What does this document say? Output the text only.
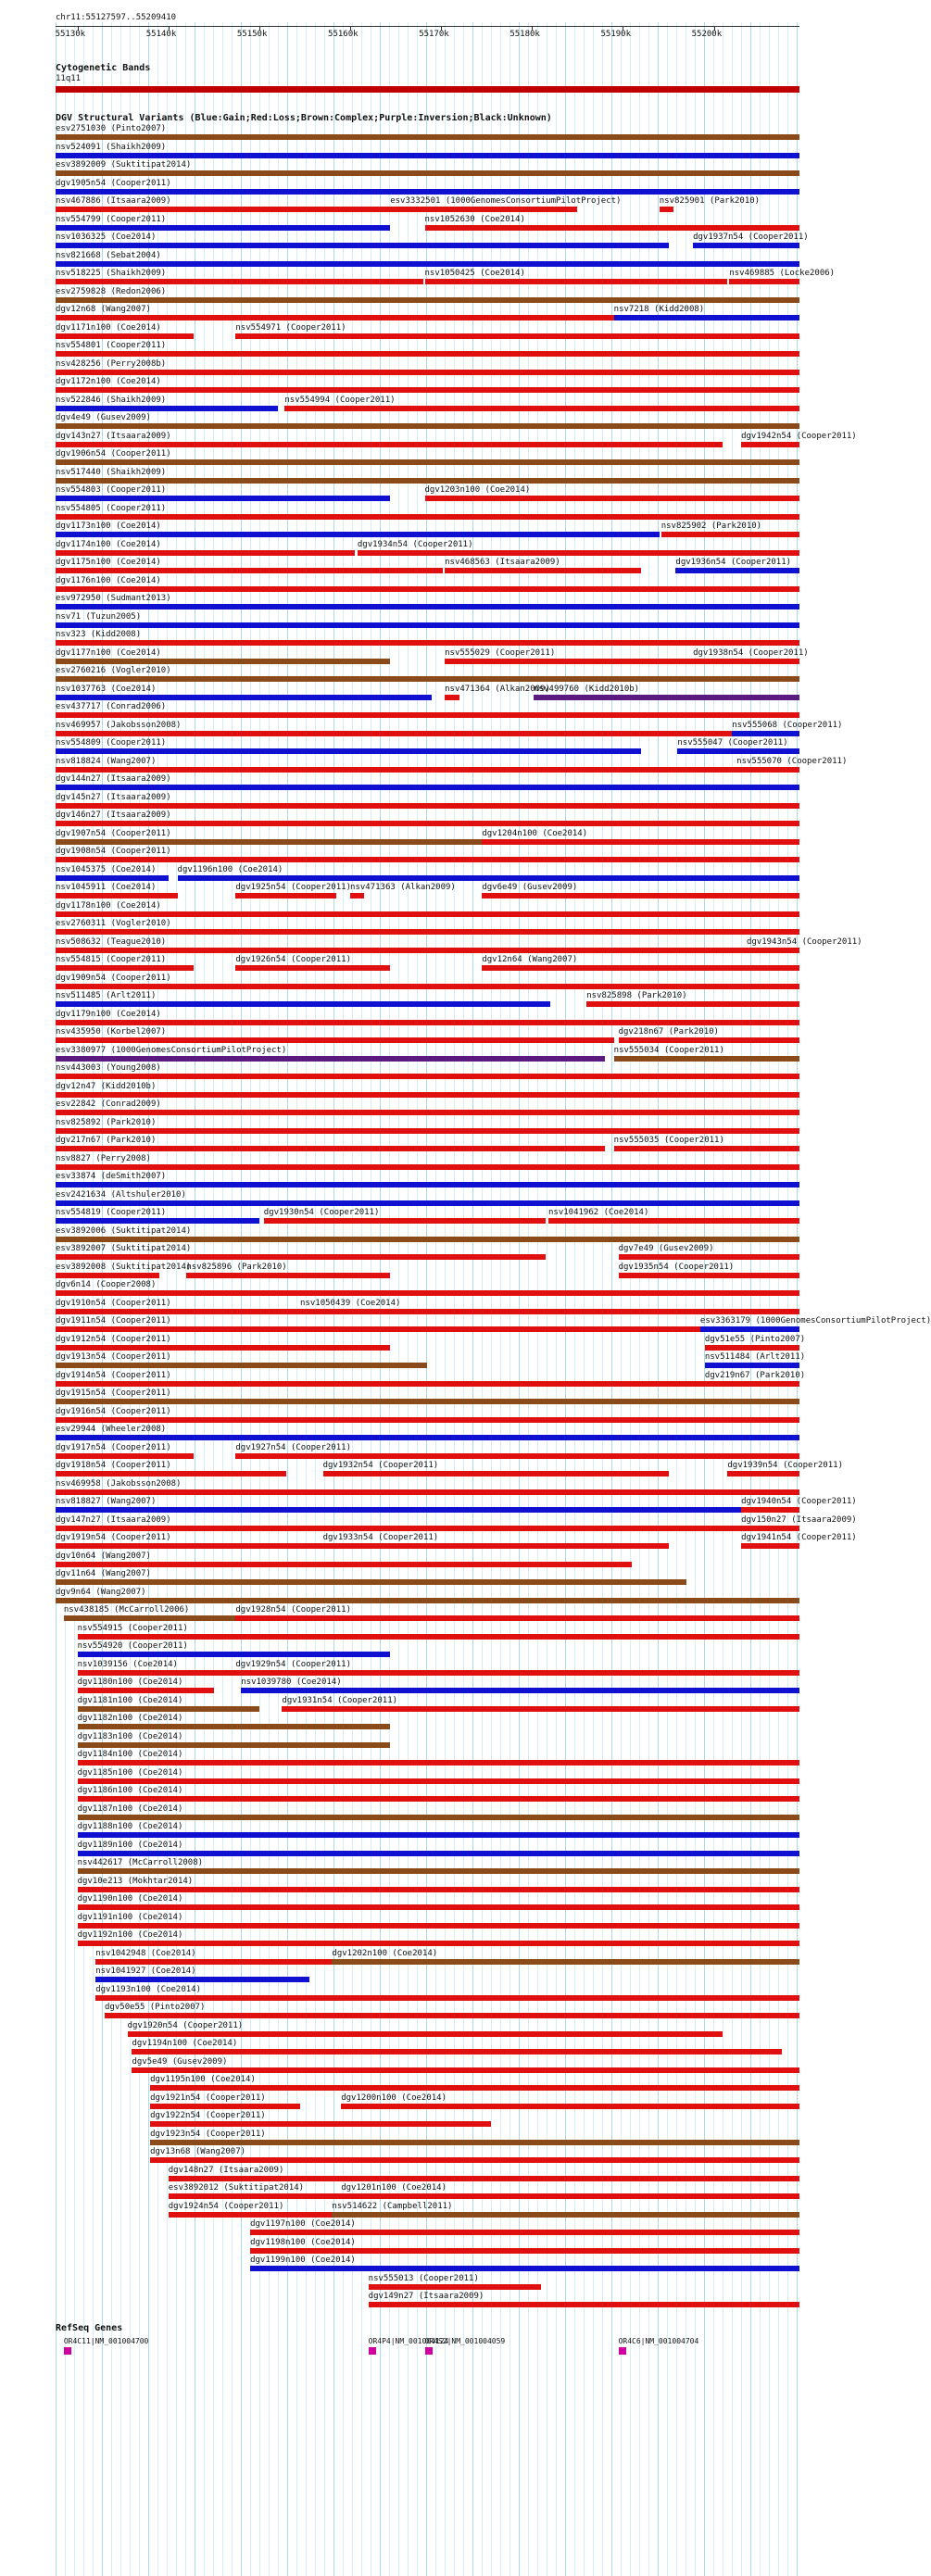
chr11:55127597..55209410
55130k	55140k	55150k	55160k	55170k	55180k	55190k	55200k
Cytogenetic Bands
11q11
DGV Structural Variants (Blue:Gain;Red:Loss;Brown:Complex;Purple:Inversion;Black:Unknown)
esv2751030 (Pinto2007)
nsv524091 (Shaikh2009)
esv3892009 (Suktitipat2014)
dgv1905n54 (Cooper2011)
nsv467886 (Itsaara2009)	esv3332501 (1000GenomesConsortiumPilotProject)	nsv825901 (Park2010)
nsv554799 (Cooper2011)	nsv1052630 (Coe2014)
nsv1036325 (Coe2014)	dgv1937n54 (Cooper2011)
nsv821668 (Sebat2004)
nsv518225 (Shaikh2009)	nsv1050425 (Coe2014)	nsv469885 (Locke2006)
esv2759828 (Redon2006)
dgv12n68 (Wang2007)	nsv7218 (Kidd2008)
dgv1171n100 (Coe2014)	nsv554971 (Cooper2011)
nsv554801 (Cooper2011)
nsv428256 (Perry2008b)
dgv1172n100 (Coe2014)
nsv522846 (Shaikh2009)	nsv554994 (Cooper2011)
dgv4e49 (Gusev2009)
dgv143n27 (Itsaara2009)	dgv1942n54 (Cooper2011)
dgv1906n54 (Cooper2011)
nsv517440 (Shaikh2009)
nsv554803 (Cooper2011)	dgv1203n100 (Coe2014)
nsv554805 (Cooper2011)
dgv1173n100 (Coe2014)	nsv825902 (Park2010)
dgv1174n100 (Coe2014)	dgv1934n54 (Cooper2011)
dgv1175n100 (Coe2014)	nsv468563 (Itsaara2009)	dgv1936n54 (Cooper2011)
dgv1176n100 (Coe2014)
esv972950 (Sudmant2013)
nsv71 (Tuzun2005)
nsv323 (Kidd2008)
dgv1177n100 (Coe2014)	nsv555029 (Cooper2011)	dgv1938n54 (Cooper2011)
esv2760216 (Vogler2010)
nsv1037763 (Coe2014)	nsv471364 (Alkan2009)
nsv499760 (Kidd2010b)
esv437717 (Conrad2006)
nsv469957 (Jakobsson2008)	nsv555068 (Cooper2011)
nsv554809 (Cooper2011)	nsv555047 (Cooper2011)
nsv818824 (Wang2007)	nsv555070 (Cooper2011)
dgv144n27 (Itsaara2009)
dgv145n27 (Itsaara2009)
dgv146n27 (Itsaara2009)
dgv1907n54 (Cooper2011)	dgv1204n100 (Coe2014)
dgv1908n54 (Cooper2011)
nsv1045375 (Coe2014)	dgv1196n100 (Coe2014)
nsv1045911 (Coe2014)	dgv1925n54 (Cooper2011) nsv471363 (Alkan2009)	dgv6e49 (Gusev2009)
dgv1178n100 (Coe2014)
esv2760311 (Vogler2010)
nsv508632 (Teague2010)	dgv1943n54 (Cooper2011)
nsv554815 (Cooper2011)	dgv1926n54 (Cooper2011)	dgv12n64 (Wang2007)
dgv1909n54 (Cooper2011)
nsv511485 (Arlt2011)	nsv825898 (Park2010)
dgv1179n100 (Coe2014)
nsv435950 (Korbel2007)	dgv218n67 (Park2010)
esv3380977 (1000GenomesConsortiumPilotProject)	nsv555034 (Cooper2011)
nsv443003 (Young2008)
dgv12n47 (Kidd2010b)
esv22842 (Conrad2009)
nsv825892 (Park2010)
dgv217n67 (Park2010)	nsv555035 (Cooper2011)
nsv8827 (Perry2008)
esv33874 (deSmith2007)
esv2421634 (Altshuler2010)
nsv554819 (Cooper2011)	dgv1930n54 (Cooper2011)	nsv1041962 (Coe2014)
esv3892006 (Suktitipat2014)
esv3892007 (Suktitipat2014)	dgv7e49 (Gusev2009)
esv3892008 (Suktitipat2014)
nsv825896 (Park2010)	dgv1935n54 (Cooper2011)
dgv6n14 (Cooper2008)
dgv1910n54 (Cooper2011)	nsv1050439 (Coe2014)
dgv1911n54 (Cooper2011)	esv3363179 (1000GenomesConsortiumPilotProject)
dgv1912n54 (Cooper2011)	dgv51e55 (Pinto2007)
dgv1913n54 (Cooper2011)	nsv511484 (Arlt2011)
dgv1914n54 (Cooper2011)	dgv219n67 (Park2010)
dgv1915n54 (Cooper2011)
dgv1916n54 (Cooper2011)
esv29944 (Wheeler2008)
dgv1917n54 (Cooper2011)	dgv1927n54 (Cooper2011)
dgv1918n54 (Cooper2011)	dgv1932n54 (Cooper2011)	dgv1939n54 (Cooper2011)
nsv469958 (Jakobsson2008)
nsv818827 (Wang2007)	dgv1940n54 (Cooper2011)
dgv147n27 (Itsaara2009)	dgv150n27 (Itsaara2009)
dgv1919n54 (Cooper2011)	dgv1933n54 (Cooper2011)	dgv1941n54 (Cooper2011)
dgv10n64 (Wang2007)
dgv11n64 (Wang2007)
dgv9n64 (Wang2007)
nsv438185 (McCarroll2006)	dgv1928n54 (Cooper2011)
nsv554915 (Cooper2011)
nsv554920 (Cooper2011)
nsv1039156 (Coe2014)	dgv1929n54 (Cooper2011)
dgv1180n100 (Coe2014)	nsv1039780 (Coe2014)
dgv1181n100 (Coe2014)	dgv1931n54 (Cooper2011)
dgv1182n100 (Coe2014)
dgv1183n100 (Coe2014)
dgv1184n100 (Coe2014)
dgv1185n100 (Coe2014)
dgv1186n100 (Coe2014)
dgv1187n100 (Coe2014)
dgv1188n100 (Coe2014)
dgv1189n100 (Coe2014)
nsv442617 (McCarroll2008)
dgv10e213 (Mokhtar2014)
dgv1190n100 (Coe2014)
dgv1191n100 (Coe2014)
dgv1192n100 (Coe2014)
nsv1042948 (Coe2014)	dgv1202n100 (Coe2014)
nsv1041927 (Coe2014)
dgv1193n100 (Coe2014)
dgv50e55 (Pinto2007)
dgv1920n54 (Cooper2011)
dgv1194n100 (Coe2014)
dgv5e49 (Gusev2009)
dgv1195n100 (Coe2014)
dgv1921n54 (Cooper2011)	dgv1200n100 (Coe2014)
dgv1922n54 (Cooper2011)
dgv1923n54 (Cooper2011)
dgv13n68 (Wang2007)
dgv148n27 (Itsaara2009)
esv3892012 (Suktitipat2014)	dgv1201n100 (Coe2014)
dgv1924n54 (Cooper2011)	nsv514622 (Campbell2011)
dgv1197n100 (Coe2014)
dgv1198n100 (Coe2014)
dgv1199n100 (Coe2014)
nsv555013 (Cooper2011)
dgv149n27 (Itsaara2009)
RefSeq Genes
OR4C11|NM_001004700	OR4P4|NM_001004124
OR4S2|NM_001004059	OR4C6|NM_001004704
